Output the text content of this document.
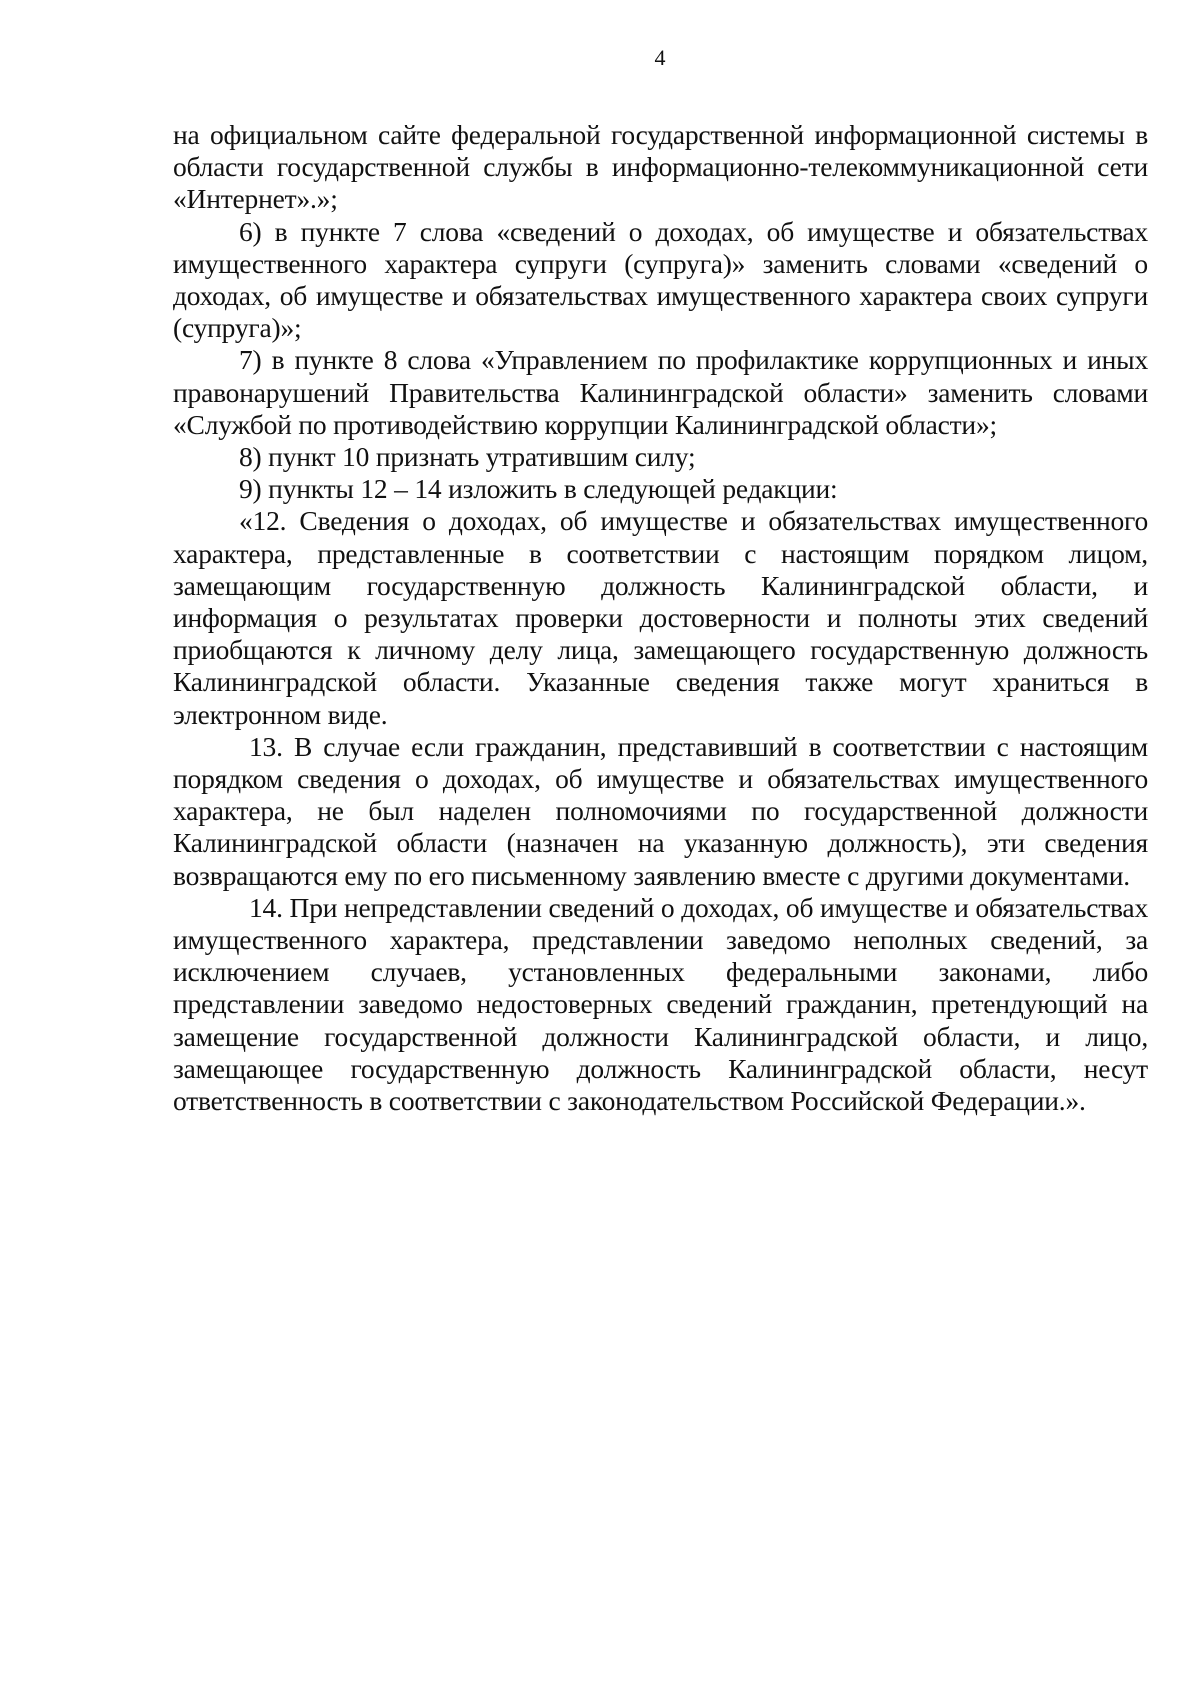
4

на официальном сайте федеральной государственной информационной системы в области государственной службы в информационно-телекоммуникационной сети «Интернет».»;

6) в пункте 7 слова «сведений о доходах, об имуществе и обязательствах имущественного характера супруги (супруга)» заменить словами «сведений о доходах, об имуществе и обязательствах имущественного характера своих супруги (супруга)»;

7) в пункте 8 слова «Управлением по профилактике коррупционных и иных правонарушений Правительства Калининградской области» заменить словами «Службой по противодействию коррупции Калининградской области»;

8) пункт 10 признать утратившим силу;

9) пункты 12 – 14 изложить в следующей редакции:

«12. Сведения о доходах, об имуществе и обязательствах имущественного характера, представленные в соответствии с настоящим порядком лицом, замещающим государственную должность Калининградской области, и информация о результатах проверки достоверности и полноты этих сведений приобщаются к личному делу лица, замещающего государственную должность Калининградской области. Указанные сведения также могут храниться в электронном виде.

13. В случае если гражданин, представивший в соответствии с настоящим порядком сведения о доходах, об имуществе и обязательствах имущественного характера, не был наделен полномочиями по государственной должности Калининградской области (назначен на указанную должность), эти сведения возвращаются ему по его письменному заявлению вместе с другими документами.

14. При непредставлении сведений о доходах, об имуществе и обязательствах имущественного характера, представлении заведомо неполных сведений, за исключением случаев, установленных федеральными законами, либо представлении заведомо недостоверных сведений гражданин, претендующий на замещение государственной должности Калининградской области, и лицо, замещающее государственную должность Калининградской области, несут ответственность в соответствии с законодательством Российской Федерации.».
